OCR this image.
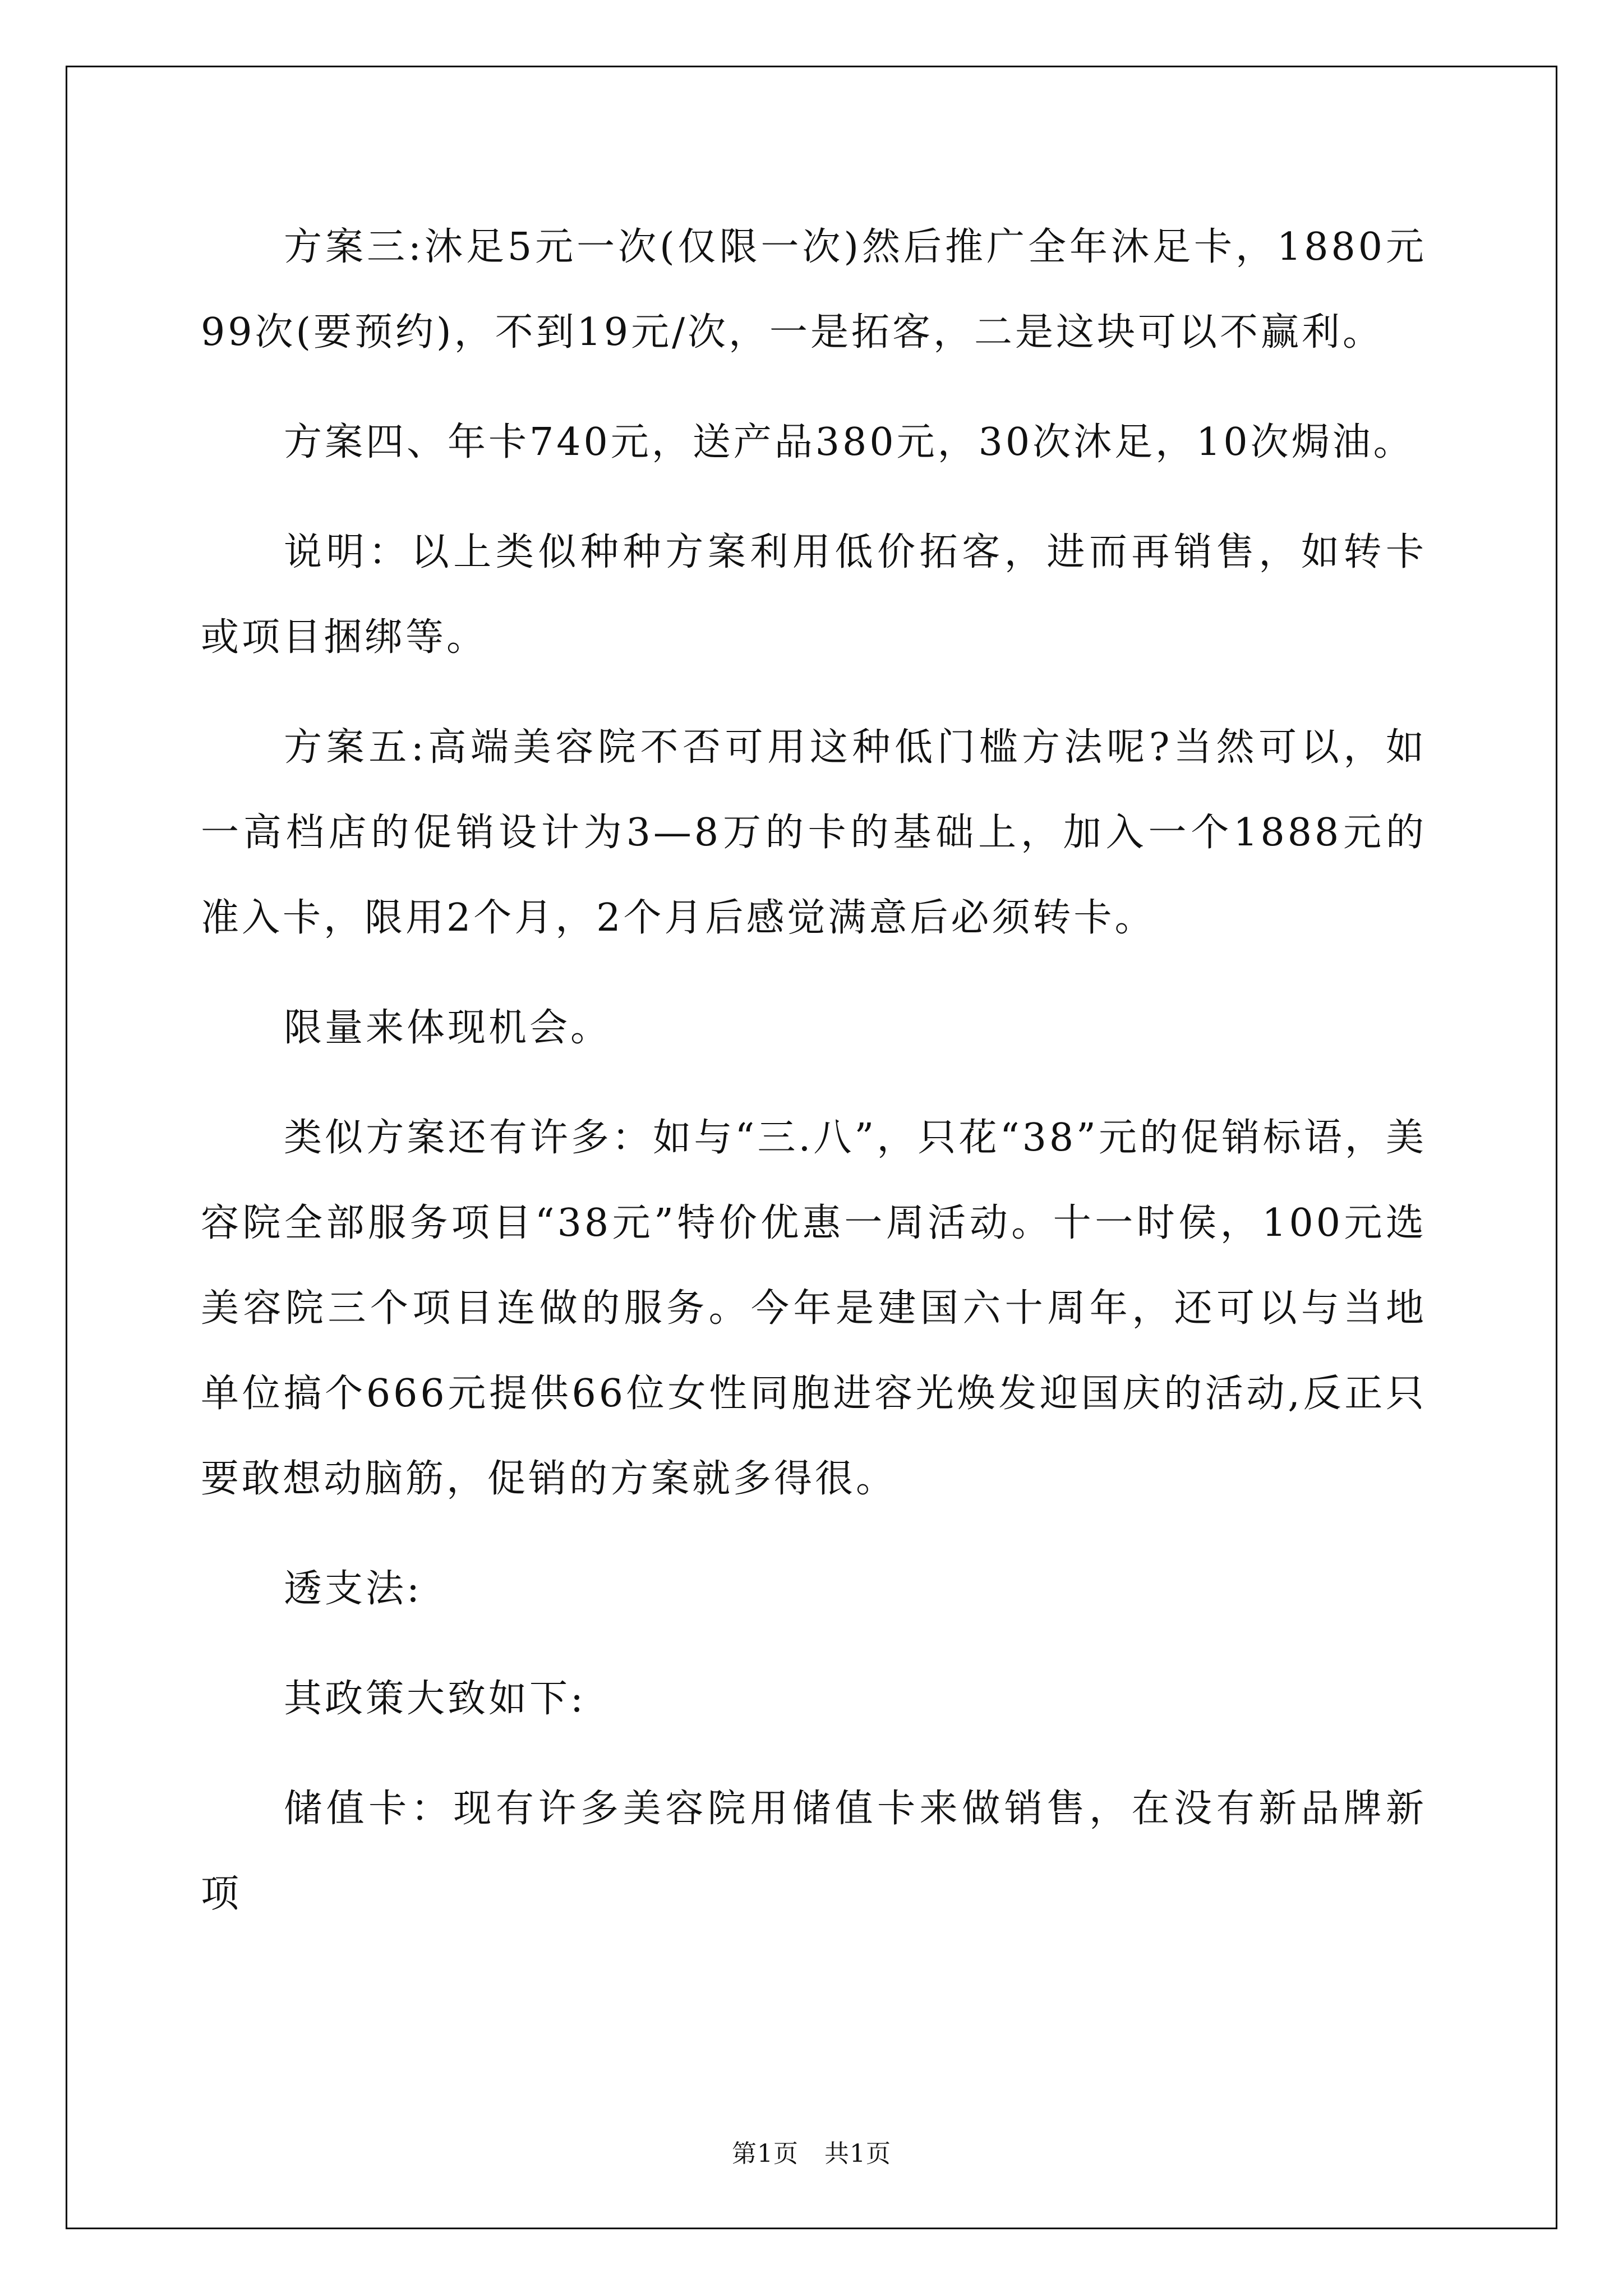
方案三:沐足5元一次(仅限一次)然后推广全年沐足卡，1880元99次(要预约)，不到19元/次，一是拓客，二是这块可以不赢利。

方案四、年卡740元，送产品380元，30次沐足，10次焗油。

说明：以上类似种种方案利用低价拓客，进而再销售，如转卡或项目捆绑等。

方案五:高端美容院不否可用这种低门槛方法呢?当然可以，如一高档店的促销设计为3—8万的卡的基础上，加入一个1888元的准入卡，限用2个月，2个月后感觉满意后必须转卡。

限量来体现机会。

类似方案还有许多：如与“三.八”，只花“38”元的促销标语，美容院全部服务项目“38元”特价优惠一周活动。十一时侯，100元选美容院三个项目连做的服务。今年是建国六十周年，还可以与当地单位搞个666元提供66位女性同胞进容光焕发迎国庆的活动,反正只要敢想动脑筋，促销的方案就多得很。

透支法:

其政策大致如下:

储值卡：现有许多美容院用储值卡来做销售，在没有新品牌新项

第1页 共1页
